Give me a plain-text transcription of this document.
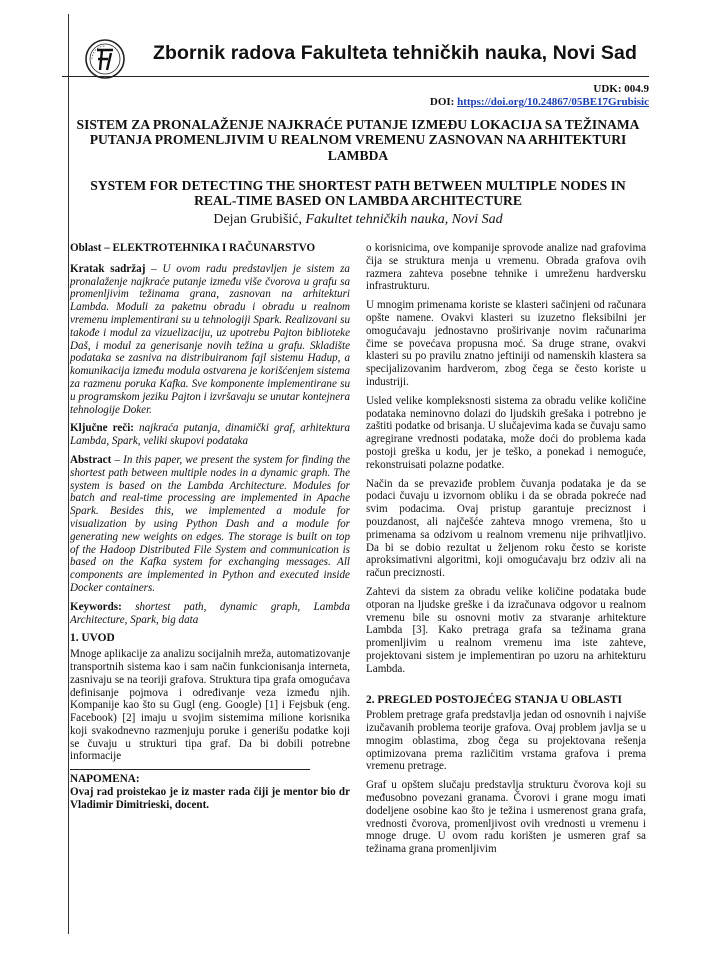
Zbornik radova Fakulteta tehničkih nauka, Novi Sad
UDK: 004.9
DOI: https://doi.org/10.24867/05BE17Grubisic
SISTEM ZA PRONALAŽENJE NAJKRAĆE PUTANJE IZMEĐU LOKACIJA SA TEŽINAMA PUTANJA PROMENLJIVIM U REALNOM VREMENU ZASNOVAN NA ARHITEKTURI LAMBDA
SYSTEM FOR DETECTING THE SHORTEST PATH BETWEEN MULTIPLE NODES IN REAL-TIME BASED ON LAMBDA ARCHITECTURE
Dejan Grubišić, Fakultet tehničkih nauka, Novi Sad
Oblast – ELEKTROTEHNIKA I RAČUNARSTVO

Kratak sadržaj – U ovom radu predstavljen je sistem za pronalaženje najkraće putanje između više čvorova u grafu sa promenljivim težinama grana, zasnovan na arhitekturi Lambda. Moduli za paketnu obradu i obradu u realnom vremenu implementirani su u tehnologiji Spark. Realizovani su takođe i modul za vizuelizaciju, uz upotrebu Pajton biblioteke Daš, i modul za generisanje novih težina u grafu. Skladište podataka se zasniva na distribuiranom fajl sistemu Hadup, a komunikacija između modula ostvarena je korišćenjem sistema za razmenu poruka Kafka. Sve komponente implementirane su u programskom jeziku Pajton i izvršavaju se unutar kontejnera tehnologije Doker.

Ključne reči: najkraća putanja, dinamički graf, arhitektura Lambda, Spark, veliki skupovi podataka

Abstract – In this paper, we present the system for finding the shortest path between multiple nodes in a dynamic graph. The system is based on the Lambda Architecture. Modules for batch and real-time processing are implemented in Apache Spark. Besides this, we implemented a module for visualization by using Python Dash and a module for generating new weights on edges. The storage is built on top of the Hadoop Distributed File System and communication is based on the Kafka system for exchanging messages. All components are implemented in Python and executed inside Docker containers.

Keywords: shortest path, dynamic graph, Lambda Architecture, Spark, big data

1. UVOD

Mnoge aplikacije za analizu socijalnih mreža, automatizovanje transportnih sistema kao i sam način funkcionisanja interneta, zasnivaju se na teoriji grafova. Struktura tipa grafa omogućava definisanje pojmova i određivanje veza između njih. Kompanije kao što su Gugl (eng. Google) [1] i Fejsbuk (eng. Facebook) [2] imaju u svojim sistemima milione korisnika koji svakodnevno razmenjuju poruke i generišu podatke koji se čuvaju u strukturi tipa graf. Da bi dobili potrebne informacije

NAPOMENA:

Ovaj rad proistekao je iz master rada čiji je mentor bio dr Vladimir Dimitrieski, docent.

o korisnicima, ove kompanije sprovode analize nad grafovima čija se struktura menja u vremenu. Obrada grafova ovih razmera zahteva posebne tehnike i umreženu hardversku infrastrukturu.

U mnogim primenama koriste se klasteri sačinjeni od računara opšte namene. Ovakvi klasteri su izuzetno fleksibilni jer omogućavaju jednostavno proširivanje novim računarima čime se povećava propusna moć. Sa druge strane, ovakvi klasteri su po pravilu znatno jeftiniji od namenskih klastera sa specijalizovanim hardverom, zbog čega se često koriste u industriji.

Usled velike kompleksnosti sistema za obradu velike količine podataka neminovno dolazi do ljudskih grešaka i potrebno je zaštiti podatke od brisanja. U slučajevima kada se čuvaju samo agregirane vrednosti podataka, može doći do problema kada postoji greška u kodu, jer je teško, a ponekad i nemoguće, rekonstruisati polazne podatke.

Način da se prevaziđe problem čuvanja podataka je da se podaci čuvaju u izvornom obliku i da se obrada pokreće nad svim podacima. Ovaj pristup garantuje preciznost i pouzdanost, ali najčešće zahteva mnogo vremena, što u primenama sa odzivom u realnom vremenu nije prihvatljivo. Da bi se dobio rezultat u željenom roku često se koriste aproksimativni algoritmi, koji omogućavaju brz odziv ali na račun preciznosti.

Zahtevi da sistem za obradu velike količine podataka bude otporan na ljudske greške i da izračunava odgovor u realnom vremenu bile su osnovni motiv za stvaranje arhitekture Lambda [3]. Kako pretraga grafa sa težinama grana promenljivim u realnom vremenu ima iste zahteve, projektovani sistem je implementiran po uzoru na arhitekturu Lambda.

2. PREGLED POSTOJEĆEG STANJA U OBLASTI

Problem pretrage grafa predstavlja jedan od osnovnih i najviše izučavanih problema teorije grafova. Ovaj problem javlja se u mnogim oblastima, zbog čega su projektovana rešenja optimizovana prema različitim vrstama grafova i prema vremenu pretrage.

Graf u opštem slučaju predstavlja strukturu čvorova koji su međusobno povezani granama. Čvorovi i grane mogu imati dodeljene osobine kao što je težina i usmerenost grana grafa, vrednosti čvorova, promenljivost ovih vrednosti u vremenu i mnoge druge. U ovom radu korišten je usmeren graf sa težinama grana promenljivim
